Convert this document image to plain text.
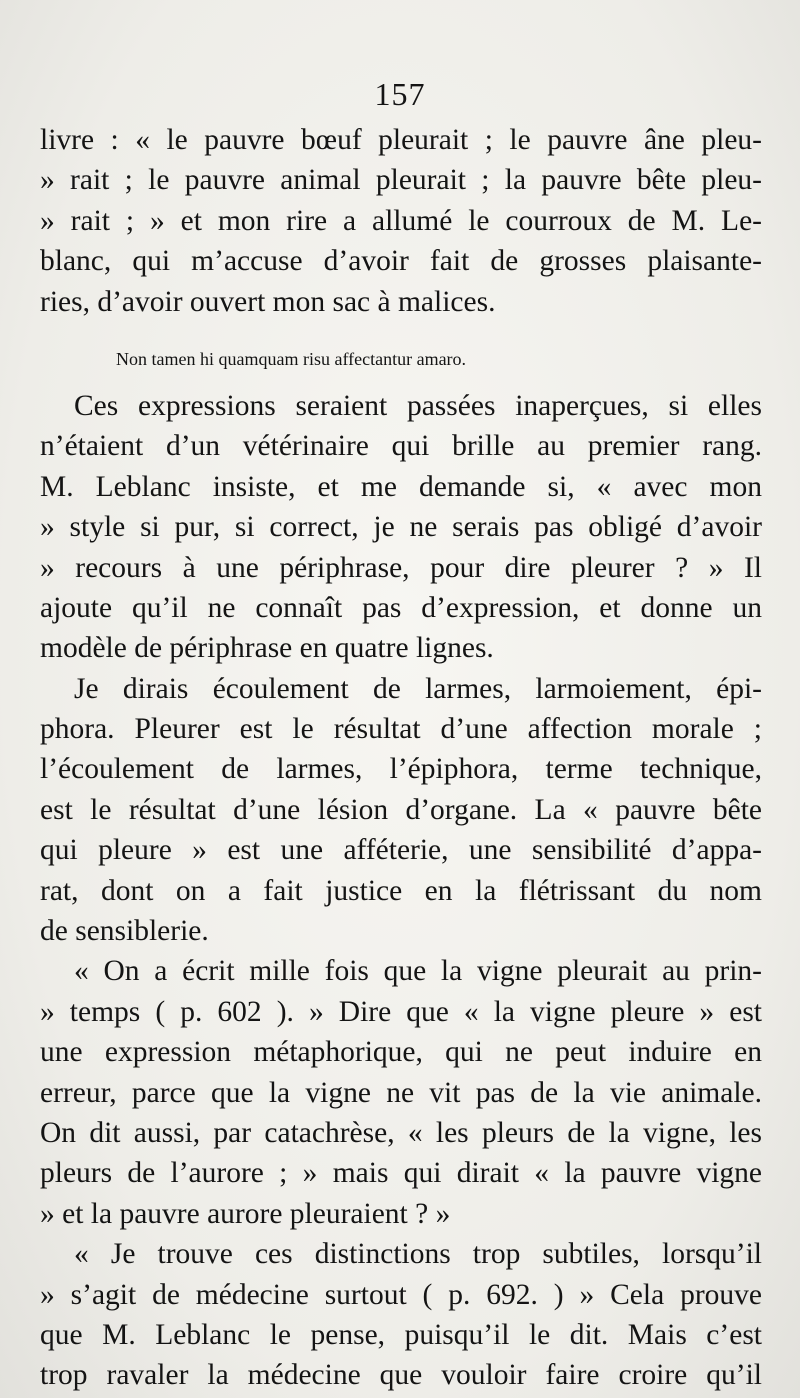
157
livre : « le pauvre bœuf pleurait ; le pauvre âne pleu-
» rait ; le pauvre animal pleurait ; la pauvre bête pleu-
» rait ; » et mon rire a allumé le courroux de M. Le-
blanc, qui m’accuse d’avoir fait de grosses plaisante-
ries, d’avoir ouvert mon sac à malices.
Non tamen hi quamquam risu affectantur amaro.
Ces expressions seraient passées inaperçues, si elles
n’étaient d’un vétérinaire qui brille au premier rang.
M. Leblanc insiste, et me demande si, « avec mon
» style si pur, si correct, je ne serais pas obligé d’avoir
» recours à une périphrase, pour dire pleurer ? » Il
ajoute qu’il ne connaît pas d’expression, et donne un
modèle de périphrase en quatre lignes.
Je dirais écoulement de larmes, larmoiement, épi-
phora. Pleurer est le résultat d’une affection morale ;
l’écoulement de larmes, l’épiphora, terme technique,
est le résultat d’une lésion d’organe. La « pauvre bête
qui pleure » est une afféterie, une sensibilité d’appa-
rat, dont on a fait justice en la flétrissant du nom
de sensiblerie.
« On a écrit mille fois que la vigne pleurait au prin-
» temps ( p. 602 ). » Dire que « la vigne pleure » est
une expression métaphorique, qui ne peut induire en
erreur, parce que la vigne ne vit pas de la vie animale.
On dit aussi, par catachrèse, « les pleurs de la vigne, les
pleurs de l’aurore ; » mais qui dirait « la pauvre vigne
» et la pauvre aurore pleuraient ? »
« Je trouve ces distinctions trop subtiles, lorsqu’il
» s’agit de médecine surtout ( p. 692. ) » Cela prouve
que M. Leblanc le pense, puisqu’il le dit. Mais c’est
trop ravaler la médecine que vouloir faire croire qu’il
